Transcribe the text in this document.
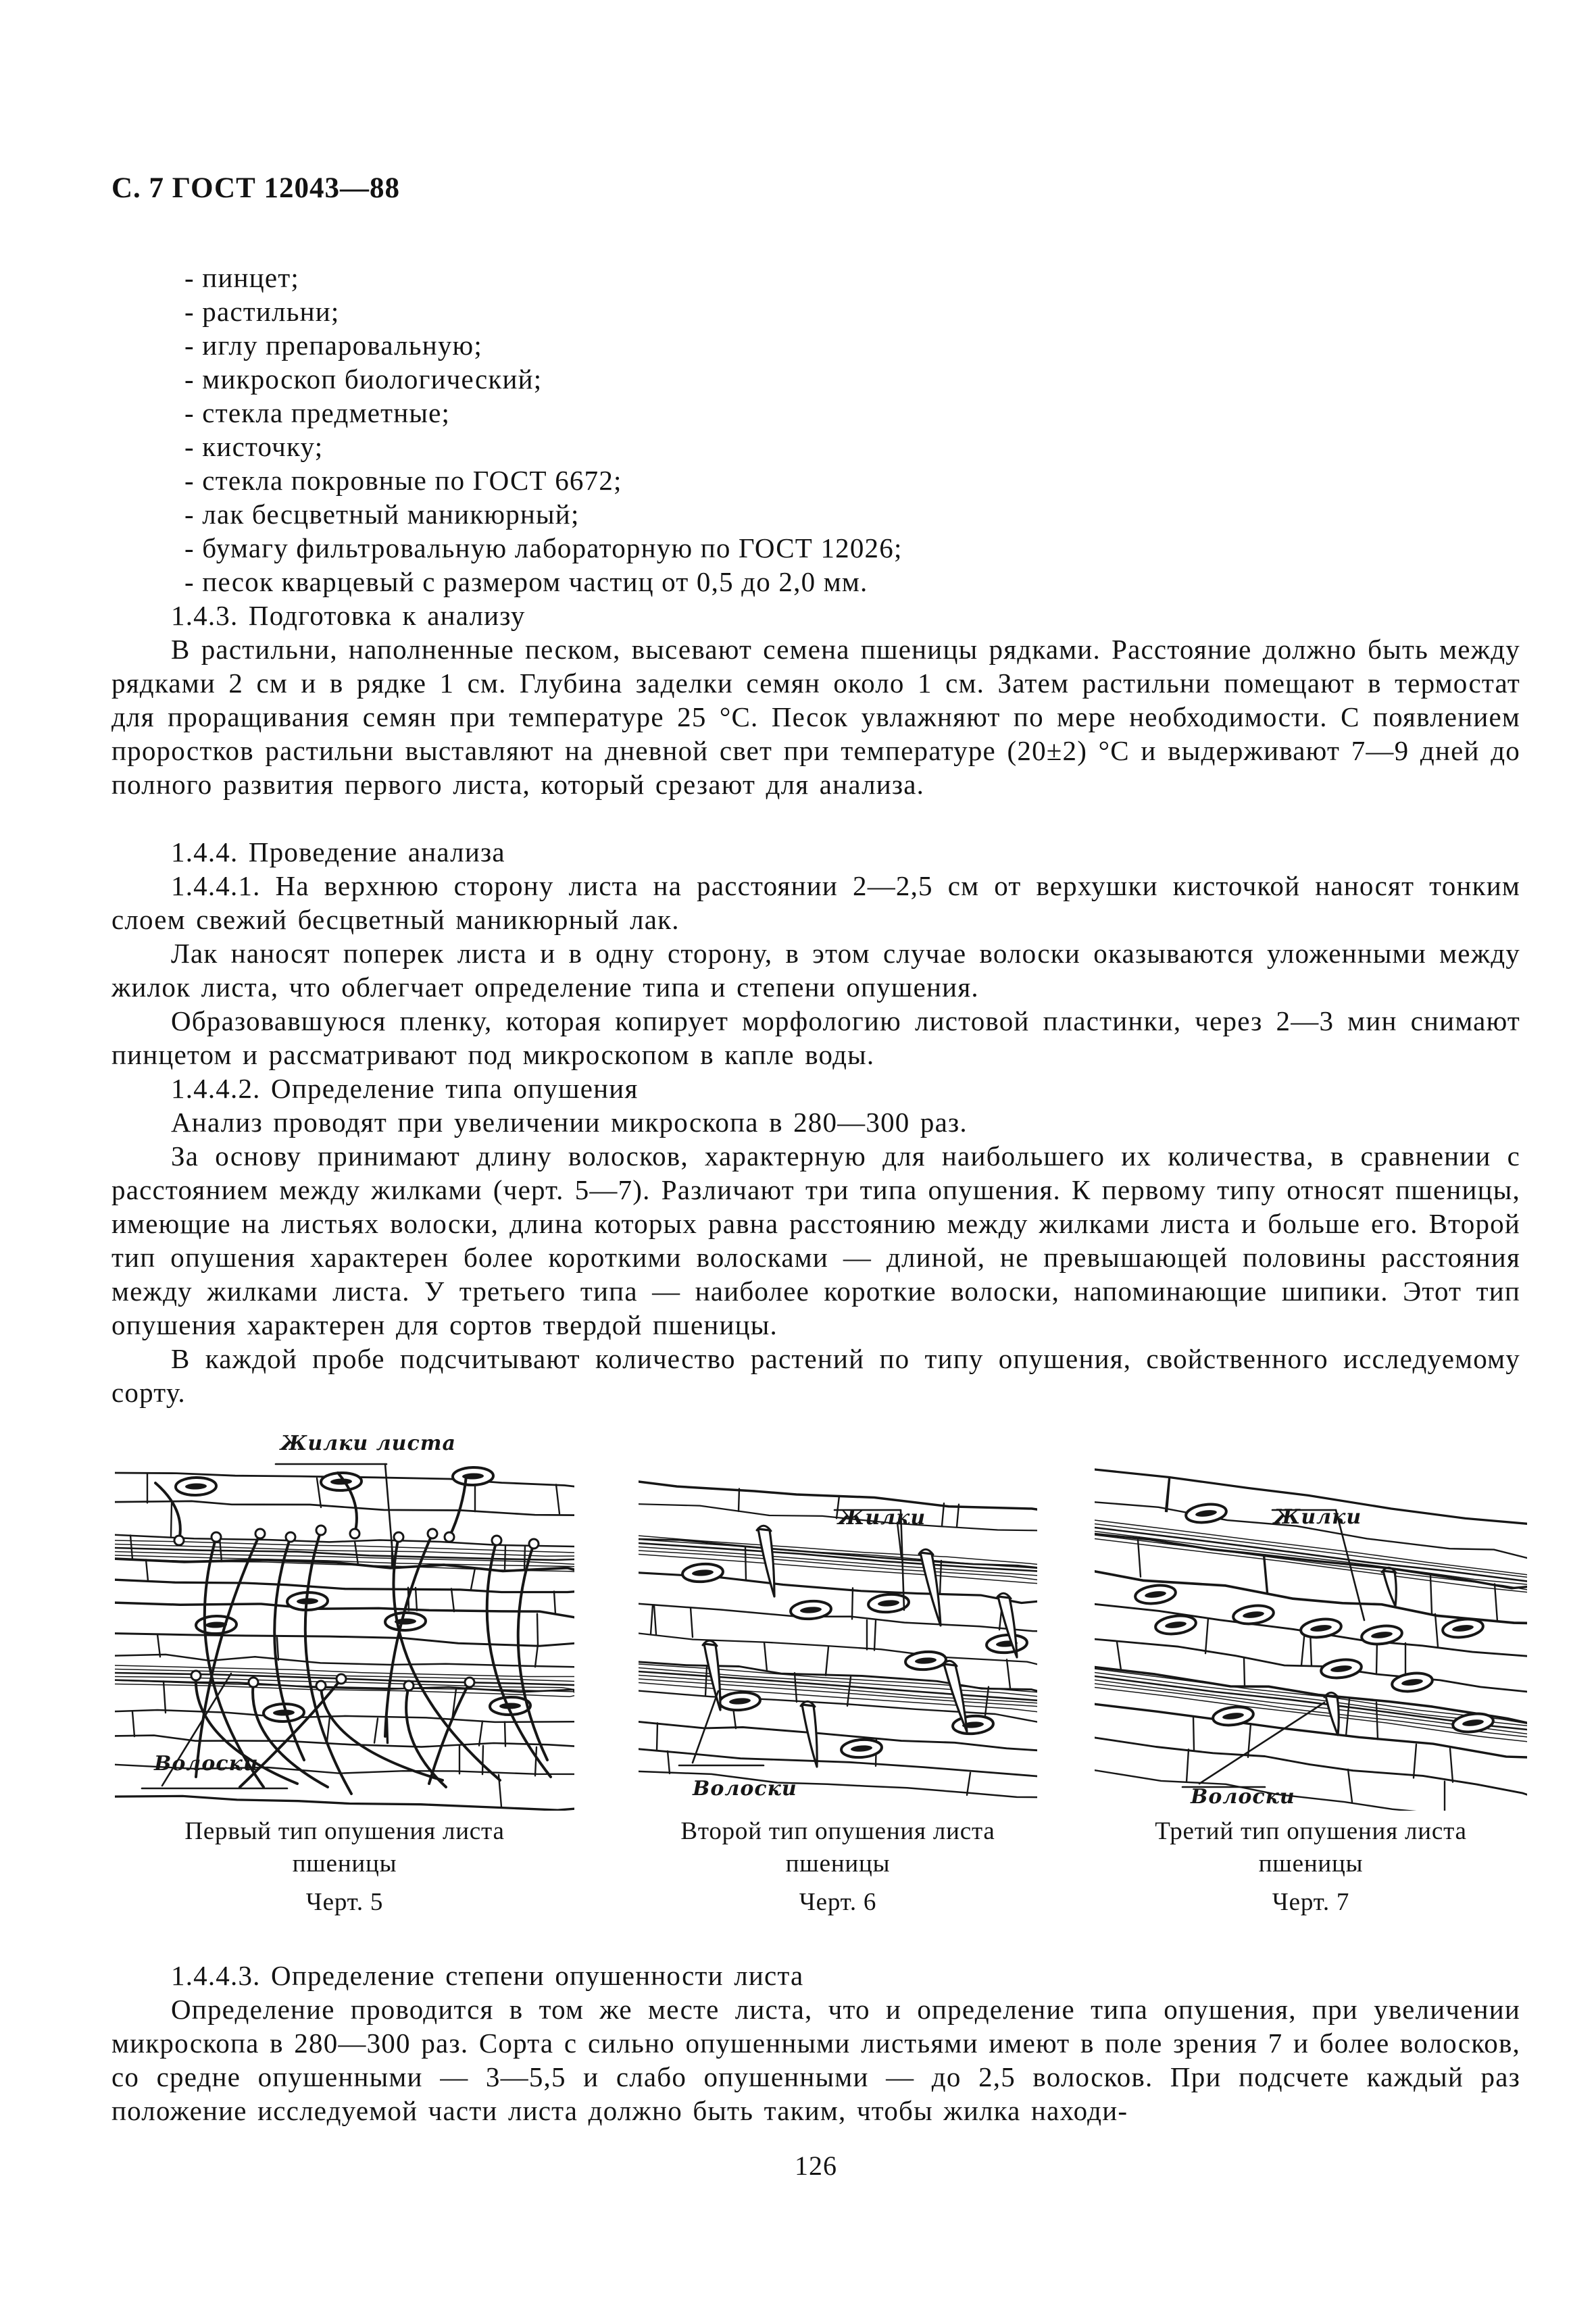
С. 7 ГОСТ 12043—88
- пинцет;
- растильни;
- иглу препаровальную;
- микроскоп биологический;
- стекла предметные;
- кисточку;
- стекла покровные по ГОСТ 6672;
- лак бесцветный маникюрный;
- бумагу фильтровальную лабораторную по ГОСТ 12026;
- песок кварцевый с размером частиц от 0,5 до 2,0 мм.

1.4.3. Подготовка к анализу

В растильни, наполненные песком, высевают семена пшеницы рядками. Расстояние должно быть между рядками 2 см и в рядке 1 см. Глубина заделки семян около 1 см. Затем растильни помещают в термостат для проращивания семян при температуре 25 °С. Песок увлажняют по мере необходимости. С появлением проростков растильни выставляют на дневной свет при температуре (20±2) °С и выдерживают 7—9 дней до полного развития первого листа, который срезают для анализа.

1.4.4. Проведение анализа

1.4.4.1. На верхнюю сторону листа на расстоянии 2—2,5 см от верхушки кисточкой наносят тонким слоем свежий бесцветный маникюрный лак.

Лак наносят поперек листа и в одну сторону, в этом случае волоски оказываются уложенными между жилок листа, что облегчает определение типа и степени опушения.

Образовавшуюся пленку, которая копирует морфологию листовой пластинки, через 2—3 мин снимают пинцетом и рассматривают под микроскопом в капле воды.

1.4.4.2. Определение типа опушения

Анализ проводят при увеличении микроскопа в 280—300 раз.

За основу принимают длину волосков, характерную для наибольшего их количества, в сравнении с расстоянием между жилками (черт. 5—7). Различают три типа опушения. К первому типу относят пшеницы, имеющие на листьях волоски, длина которых равна расстоянию между жилками листа и больше его. Второй тип опушения характерен более короткими волосками — длиной, не превышающей половины расстояния между жилками листа. У третьего типа — наиболее короткие волоски, напоминающие шипики. Этот тип опушения характерен для сортов твердой пшеницы.

В каждой пробе подсчитывают количество растений по типу опушения, свойственного исследуемому сорту.

Жилки листа
Волоски
Первый тип опушения листа
пшеницы
Черт. 5
Жилки
Волоски
Второй тип опушения листа
пшеницы
Черт. 6
Жилки
Волоски
Третий тип опушения листа
пшеницы
Черт. 7

1.4.4.3. Определение степени опушенности листа

Определение проводится в том же месте листа, что и определение типа опушения, при увеличении микроскопа в 280—300 раз. Сорта с сильно опушенными листьями имеют в поле зрения 7 и более волосков, со средне опушенными — 3—5,5 и слабо опушенными — до 2,5 волосков. При подсчете каждый раз положение исследуемой части листа должно быть таким, чтобы жилка находи-

126
